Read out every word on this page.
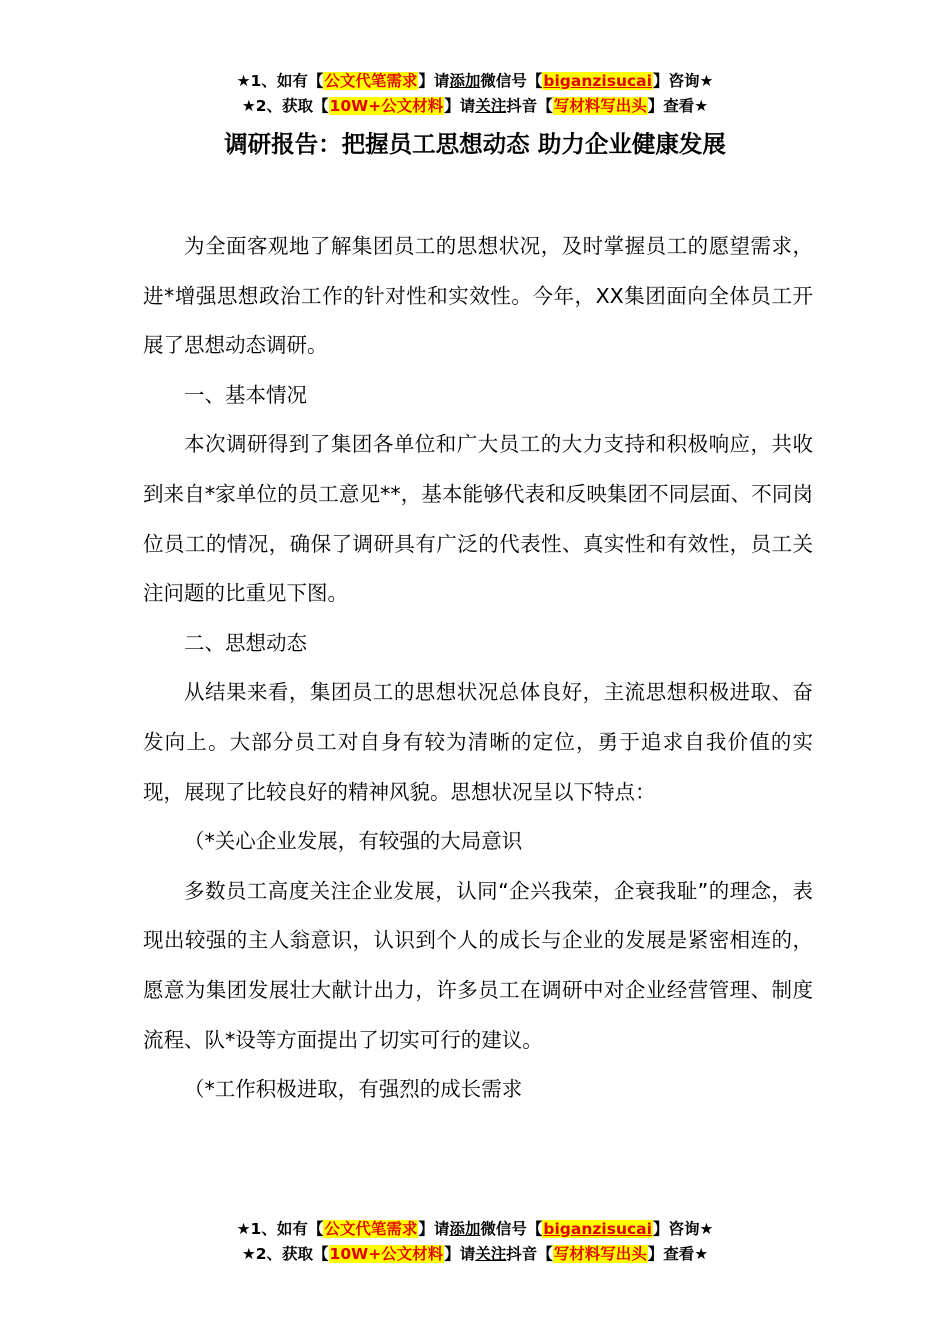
★1、如有【公文代笔需求】请添加微信号【biganzisucai】咨询★
★2、获取【10W+公文材料】请关注抖音【写材料写出头】查看★
调研报告：把握员工思想动态 助力企业健康发展

为全面客观地了解集团员工的思想状况，及时掌握员工的愿望需求，进*增强思想政治工作的针对性和实效性。今年，XX集团面向全体员工开展了思想动态调研。

一、基本情况

本次调研得到了集团各单位和广大员工的大力支持和积极响应，共收到来自*家单位的员工意见**，基本能够代表和反映集团不同层面、不同岗位员工的情况，确保了调研具有广泛的代表性、真实性和有效性，员工关注问题的比重见下图。

二、思想动态

从结果来看，集团员工的思想状况总体良好，主流思想积极进取、奋发向上。大部分员工对自身有较为清晰的定位，勇于追求自我价值的实现，展现了比较良好的精神风貌。思想状况呈以下特点：

（*关心企业发展，有较强的大局意识

多数员工高度关注企业发展，认同“企兴我荣，企衰我耻”的理念，表现出较强的主人翁意识，认识到个人的成长与企业的发展是紧密相连的，愿意为集团发展壮大献计出力，许多员工在调研中对企业经营管理、制度流程、队*设等方面提出了切实可行的建议。

（*工作积极进取，有强烈的成长需求

★1、如有【公文代笔需求】请添加微信号【biganzisucai】咨询★
★2、获取【10W+公文材料】请关注抖音【写材料写出头】查看★
